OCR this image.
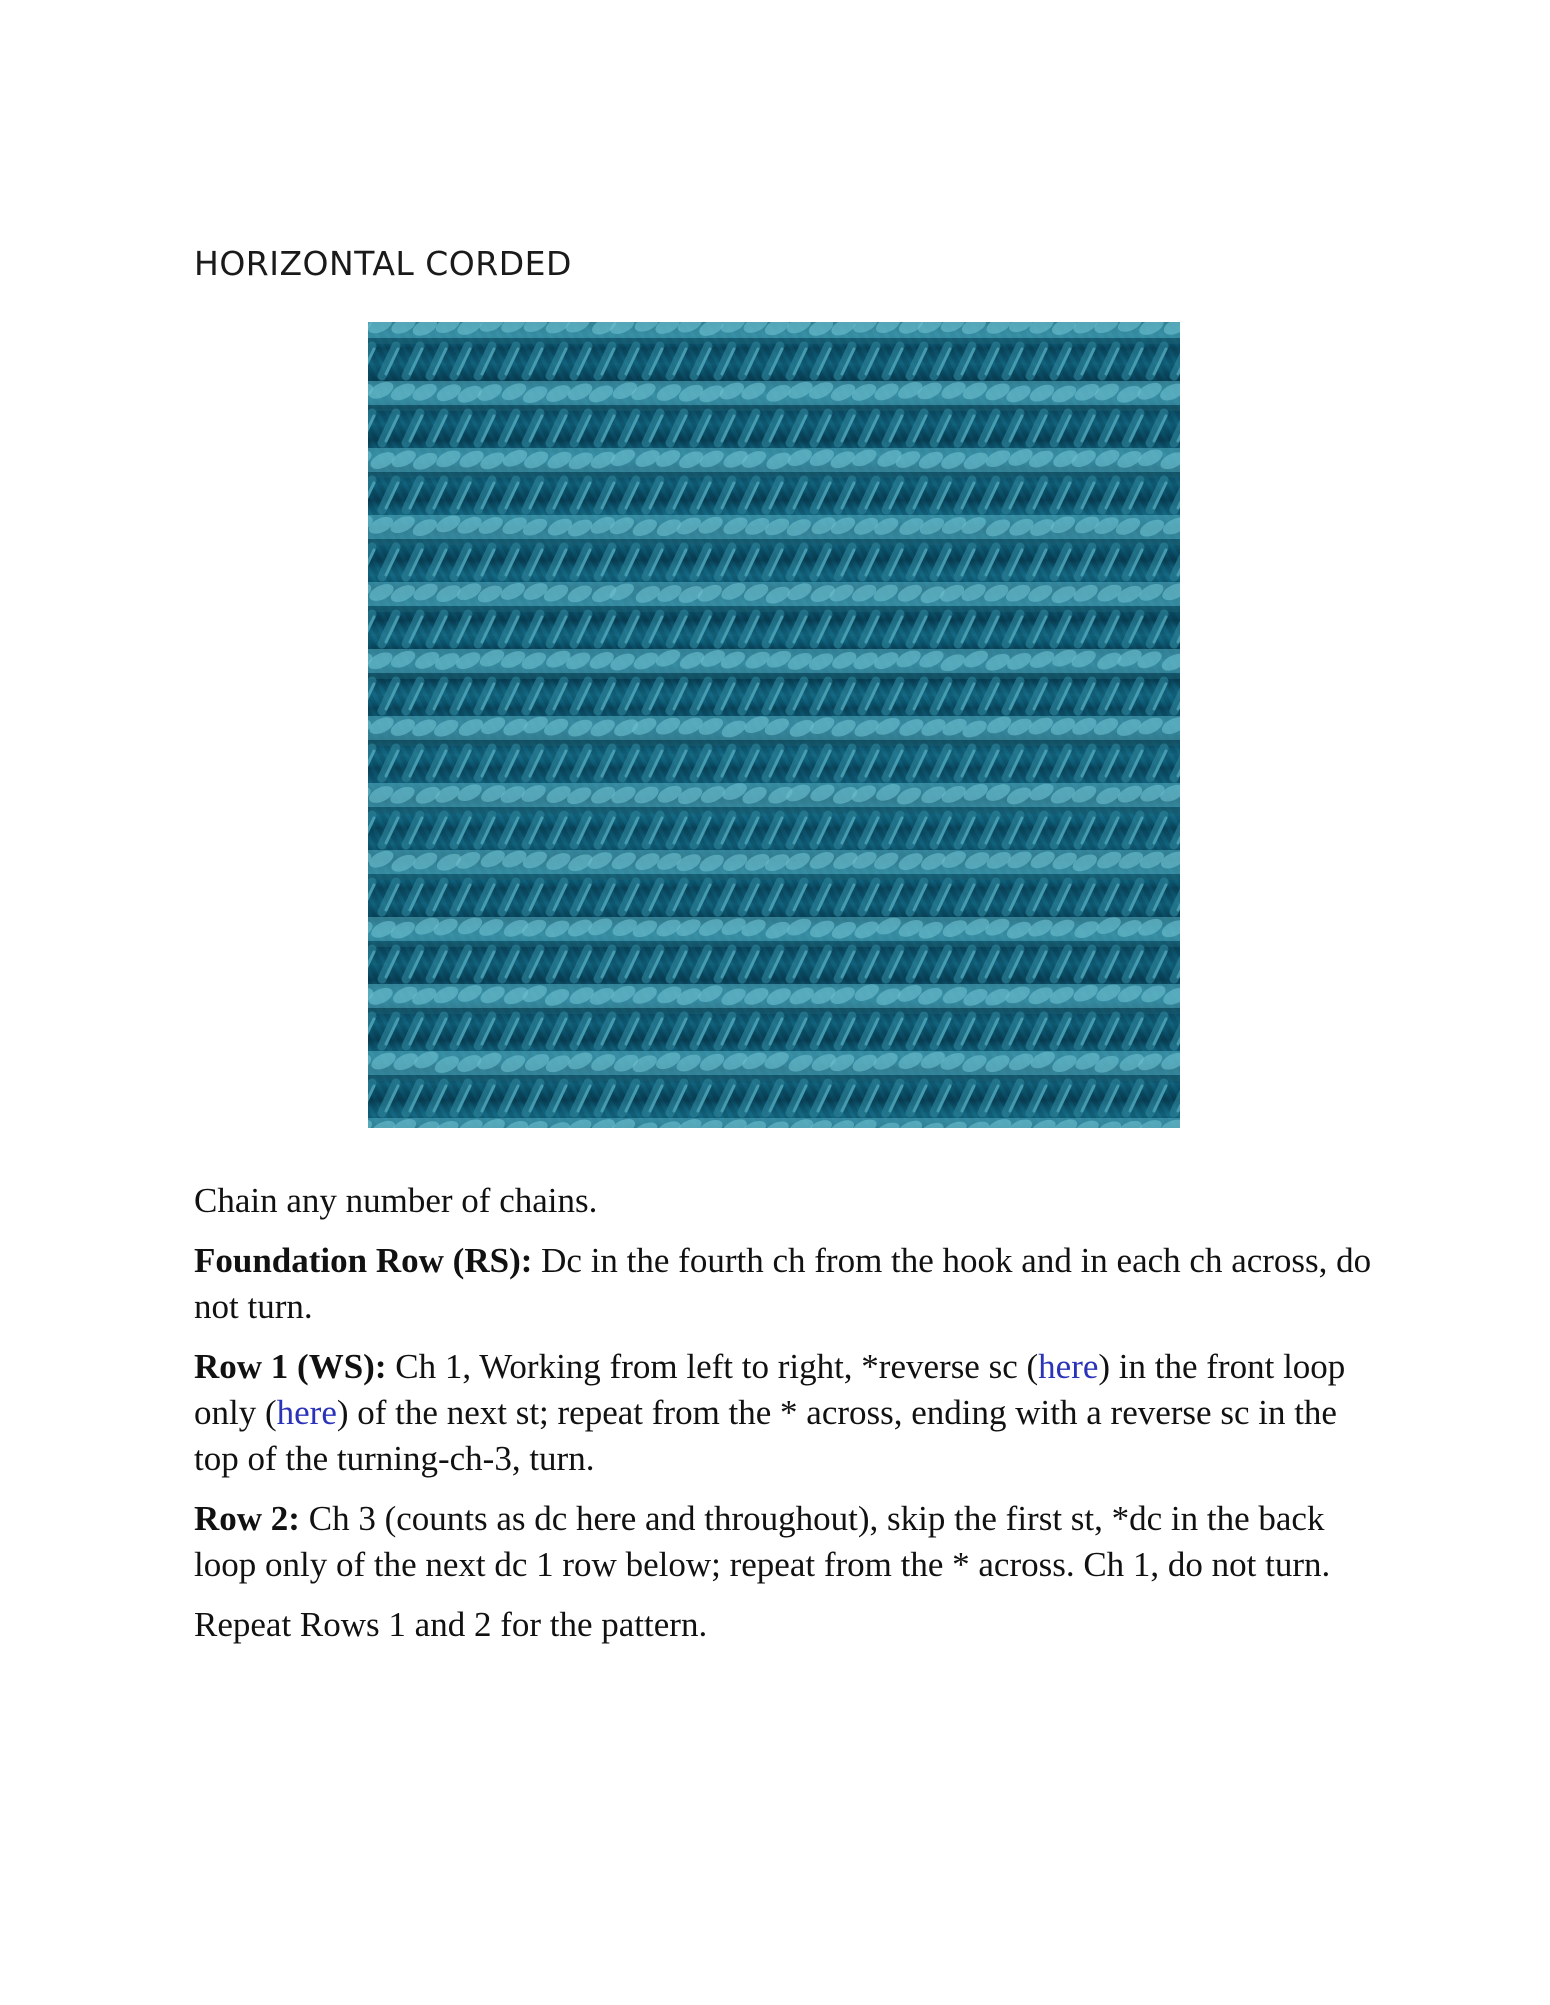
HORIZONTAL CORDED

Chain any number of chains.

Foundation Row (RS): Dc in the fourth ch from the hook and in each ch across, do not turn.

Row 1 (WS): Ch 1, Working from left to right, *reverse sc (here) in the front loop only (here) of the next st; repeat from the * across, ending with a reverse sc in the top of the turning-ch-3, turn.

Row 2: Ch 3 (counts as dc here and throughout), skip the first st, *dc in the back loop only of the next dc 1 row below; repeat from the * across. Ch 1, do not turn.

Repeat Rows 1 and 2 for the pattern.
